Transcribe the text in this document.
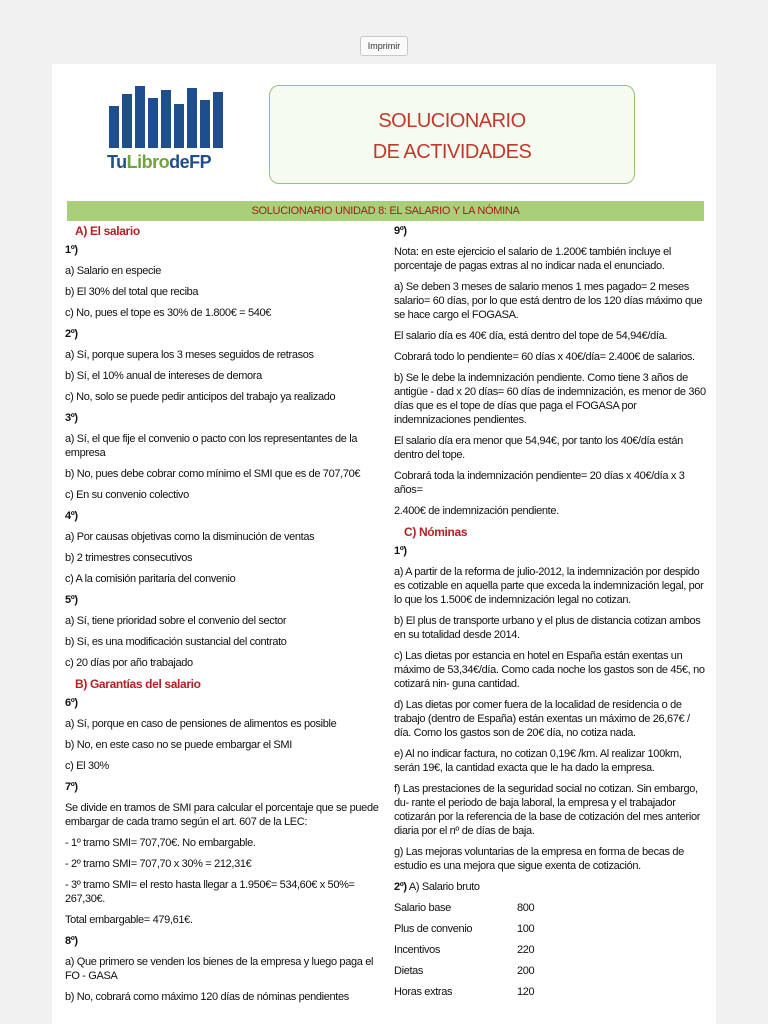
Imprimir
TuLibrodeFP
SOLUCIONARIO
DE ACTIVIDADES
SOLUCIONARIO UNIDAD 8: EL SALARIO Y LA NÓMINA
A) El salario
1º)
a) Salario en especie
b) El 30% del total que reciba
c) No, pues el tope es 30% de 1.800€ = 540€
2º)
a) Sí, porque supera los 3 meses seguidos de retrasos
b) Sí, el 10% anual de intereses de demora
c) No, solo se puede pedir anticipos del trabajo ya realizado
3º)
a) Sí, el que fije el convenio o pacto con los representantes de la empresa
b) No, pues debe cobrar como mínimo el SMI que es de 707,70€
c) En su convenio colectivo
4º)
a) Por causas objetivas como la disminución de ventas
b) 2 trimestres consecutivos
c) A la comisión paritaria del convenio
5º)
a) Sí, tiene prioridad sobre el convenio del sector
b) Sí, es una modificación sustancial del contrato
c) 20 días por año trabajado
B) Garantías del salario
6º)
a) Sí, porque en caso de pensiones de alimentos es posible
b) No, en este caso no se puede embargar el SMI
c) El 30%
7º)
Se divide en tramos de SMI para calcular el porcentaje que se puede embargar de cada tramo según el art. 607 de la LEC:
- 1º tramo SMI= 707,70€. No embargable.
- 2º tramo SMI= 707,70 x 30% = 212,31€
- 3º tramo SMI= el resto hasta llegar a 1.950€= 534,60€ x 50%= 267,30€.
Total embargable= 479,61€.
8º)
a) Que primero se venden los bienes de la empresa y luego paga el FO - GASA
b) No, cobrará como máximo 120 días de nóminas pendientes
9º)
Nota: en este ejercicio el salario de 1.200€ también incluye el porcentaje de pagas extras al no indicar nada el enunciado.
a) Se deben 3 meses de salario menos 1 mes pagado= 2 meses salario= 60 días, por lo que está dentro de los 120 días máximo que se hace cargo el FOGASA.
El salario día es 40€ día, está dentro del tope de 54,94€/día.
Cobrará todo lo pendiente= 60 días x 40€/día= 2.400€ de salarios.
b) Se le debe la indemnización pendiente. Como tiene 3 años de antigüe - dad x 20 días= 60 días de indemnización, es menor de 360 días que es el tope de días que paga el FOGASA por indemnizaciones pendientes.
El salario día era menor que 54,94€, por tanto los 40€/día están dentro del tope.
Cobrará toda la indemnización pendiente= 20 días x 40€/día x 3 años=
2.400€ de indemnización pendiente.
C) Nóminas
1º)
a) A partir de la reforma de julio-2012, la indemnización por despido es cotizable en aquella parte que exceda la indemnización legal, por lo que los 1.500€ de indemnización legal no cotizan.
b) El plus de transporte urbano y el plus de distancia cotizan ambos en su totalidad desde 2014.
c) Las dietas por estancia en hotel en España están exentas un máximo de 53,34€/día. Como cada noche los gastos son de 45€, no cotizará nin- guna cantidad.
d) Las dietas por comer fuera de la localidad de residencia o de trabajo (dentro de España) están exentas un máximo de 26,67€ / día. Como los gastos son de 20€ día, no cotiza nada.
e) Al no indicar factura, no cotizan 0,19€ /km. Al realizar 100km, serán 19€, la cantidad exacta que le ha dado la empresa.
f) Las prestaciones de la seguridad social no cotizan. Sin embargo, du- rante el periodo de baja laboral, la empresa y el trabajador cotizarán por la referencia de la base de cotización del mes anterior diaria por el nº de días de baja.
g) Las mejoras voluntarias de la empresa en forma de becas de estudio es una mejora que sigue exenta de cotización.
2º) A) Salario bruto
Salario base	800
Plus de convenio	100
Incentivos	220
Dietas	200
Horas extras	120
